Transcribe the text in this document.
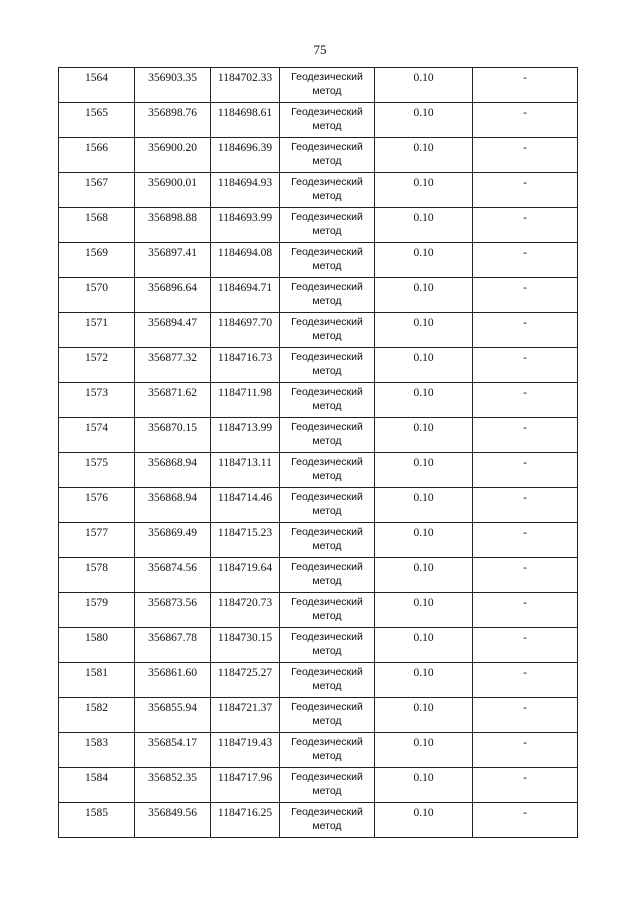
75
1564	356903.35	1184702.33	Геодезический метод	0.10	-
1565	356898.76	1184698.61	Геодезический метод	0.10	-
1566	356900.20	1184696.39	Геодезический метод	0.10	-
1567	356900.01	1184694.93	Геодезический метод	0.10	-
1568	356898.88	1184693.99	Геодезический метод	0.10	-
1569	356897.41	1184694.08	Геодезический метод	0.10	-
1570	356896.64	1184694.71	Геодезический метод	0.10	-
1571	356894.47	1184697.70	Геодезический метод	0.10	-
1572	356877.32	1184716.73	Геодезический метод	0.10	-
1573	356871.62	1184711.98	Геодезический метод	0.10	-
1574	356870.15	1184713.99	Геодезический метод	0.10	-
1575	356868.94	1184713.11	Геодезический метод	0.10	-
1576	356868.94	1184714.46	Геодезический метод	0.10	-
1577	356869.49	1184715.23	Геодезический метод	0.10	-
1578	356874.56	1184719.64	Геодезический метод	0.10	-
1579	356873.56	1184720.73	Геодезический метод	0.10	-
1580	356867.78	1184730.15	Геодезический метод	0.10	-
1581	356861.60	1184725.27	Геодезический метод	0.10	-
1582	356855.94	1184721.37	Геодезический метод	0.10	-
1583	356854.17	1184719.43	Геодезический метод	0.10	-
1584	356852.35	1184717.96	Геодезический метод	0.10	-
1585	356849.56	1184716.25	Геодезический метод	0.10	-
